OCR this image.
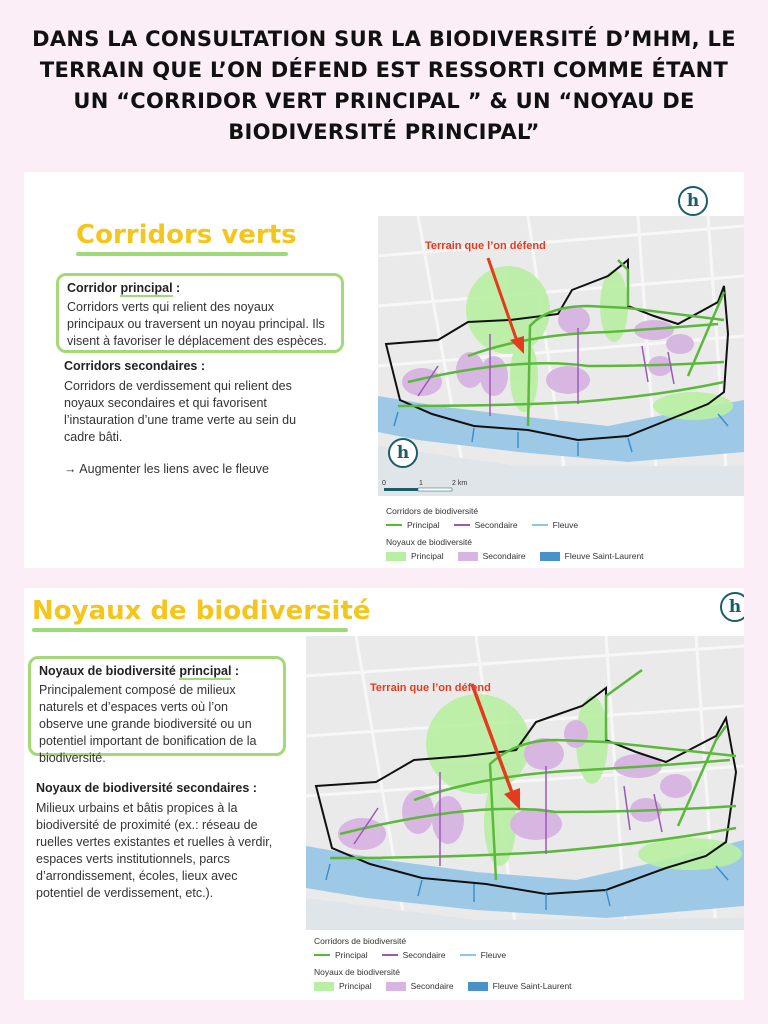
DANS LA CONSULTATION SUR LA BIODIVERSITÉ D’MHM, LE TERRAIN QUE L’ON DÉFEND EST RESSORTI COMME ÉTANT UN “CORRIDOR VERT PRINCIPAL ” & UN “NOYAU DE BIODIVERSITÉ PRINCIPAL”
Corridors verts
Corridor principal :
Corridors verts qui relient des noyaux principaux ou traversent un noyau principal. Ils visent à favoriser le déplacement des espèces.
Corridors secondaires :
Corridors de verdissement qui relient des noyaux secondaires et qui favorisent l’instauration d’une trame verte au sein du cadre bâti.
→ Augmenter les liens avec le fleuve
h
Terrain que l’on défend
h
0	1	2 km
Corridors de biodiversité
Principal	Secondaire	Fleuve
Noyaux de biodiversité
Principal	Secondaire	Fleuve Saint-Laurent
Noyaux de biodiversité
Noyaux de biodiversité principal :
Principalement composé de milieux naturels et d’espaces verts où l’on observe une grande biodiversité ou un potentiel important de bonification de la biodiversité.
Noyaux de biodiversité secondaires :
Milieux urbains et bâtis propices à la biodiversité de proximité (ex.: réseau de ruelles vertes existantes et ruelles à verdir, espaces verts institutionnels, parcs d’arrondissement, écoles, lieux avec potentiel de verdissement, etc.).
h
Terrain que l’on défend
Corridors de biodiversité
Principal	Secondaire	Fleuve
Noyaux de biodiversité
Principal	Secondaire	Fleuve Saint-Laurent
